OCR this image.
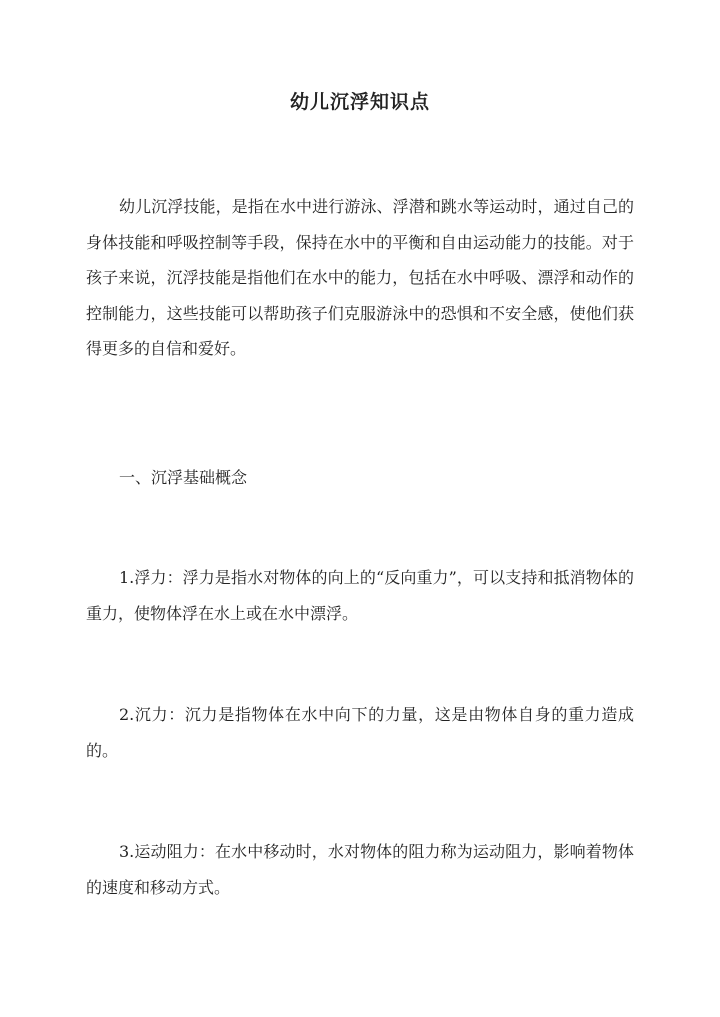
幼儿沉浮知识点

幼儿沉浮技能，是指在水中进行游泳、浮潜和跳水等运动时，通过自己的身体技能和呼吸控制等手段，保持在水中的平衡和自由运动能力的技能。对于孩子来说，沉浮技能是指他们在水中的能力，包括在水中呼吸、漂浮和动作的控制能力，这些技能可以帮助孩子们克服游泳中的恐惧和不安全感，使他们获得更多的自信和爱好。

一、沉浮基础概念

1.浮力：浮力是指水对物体的向上的“反向重力”，可以支持和抵消物体的重力，使物体浮在水上或在水中漂浮。

2.沉力：沉力是指物体在水中向下的力量，这是由物体自身的重力造成的。

3.运动阻力：在水中移动时，水对物体的阻力称为运动阻力，影响着物体的速度和移动方式。
